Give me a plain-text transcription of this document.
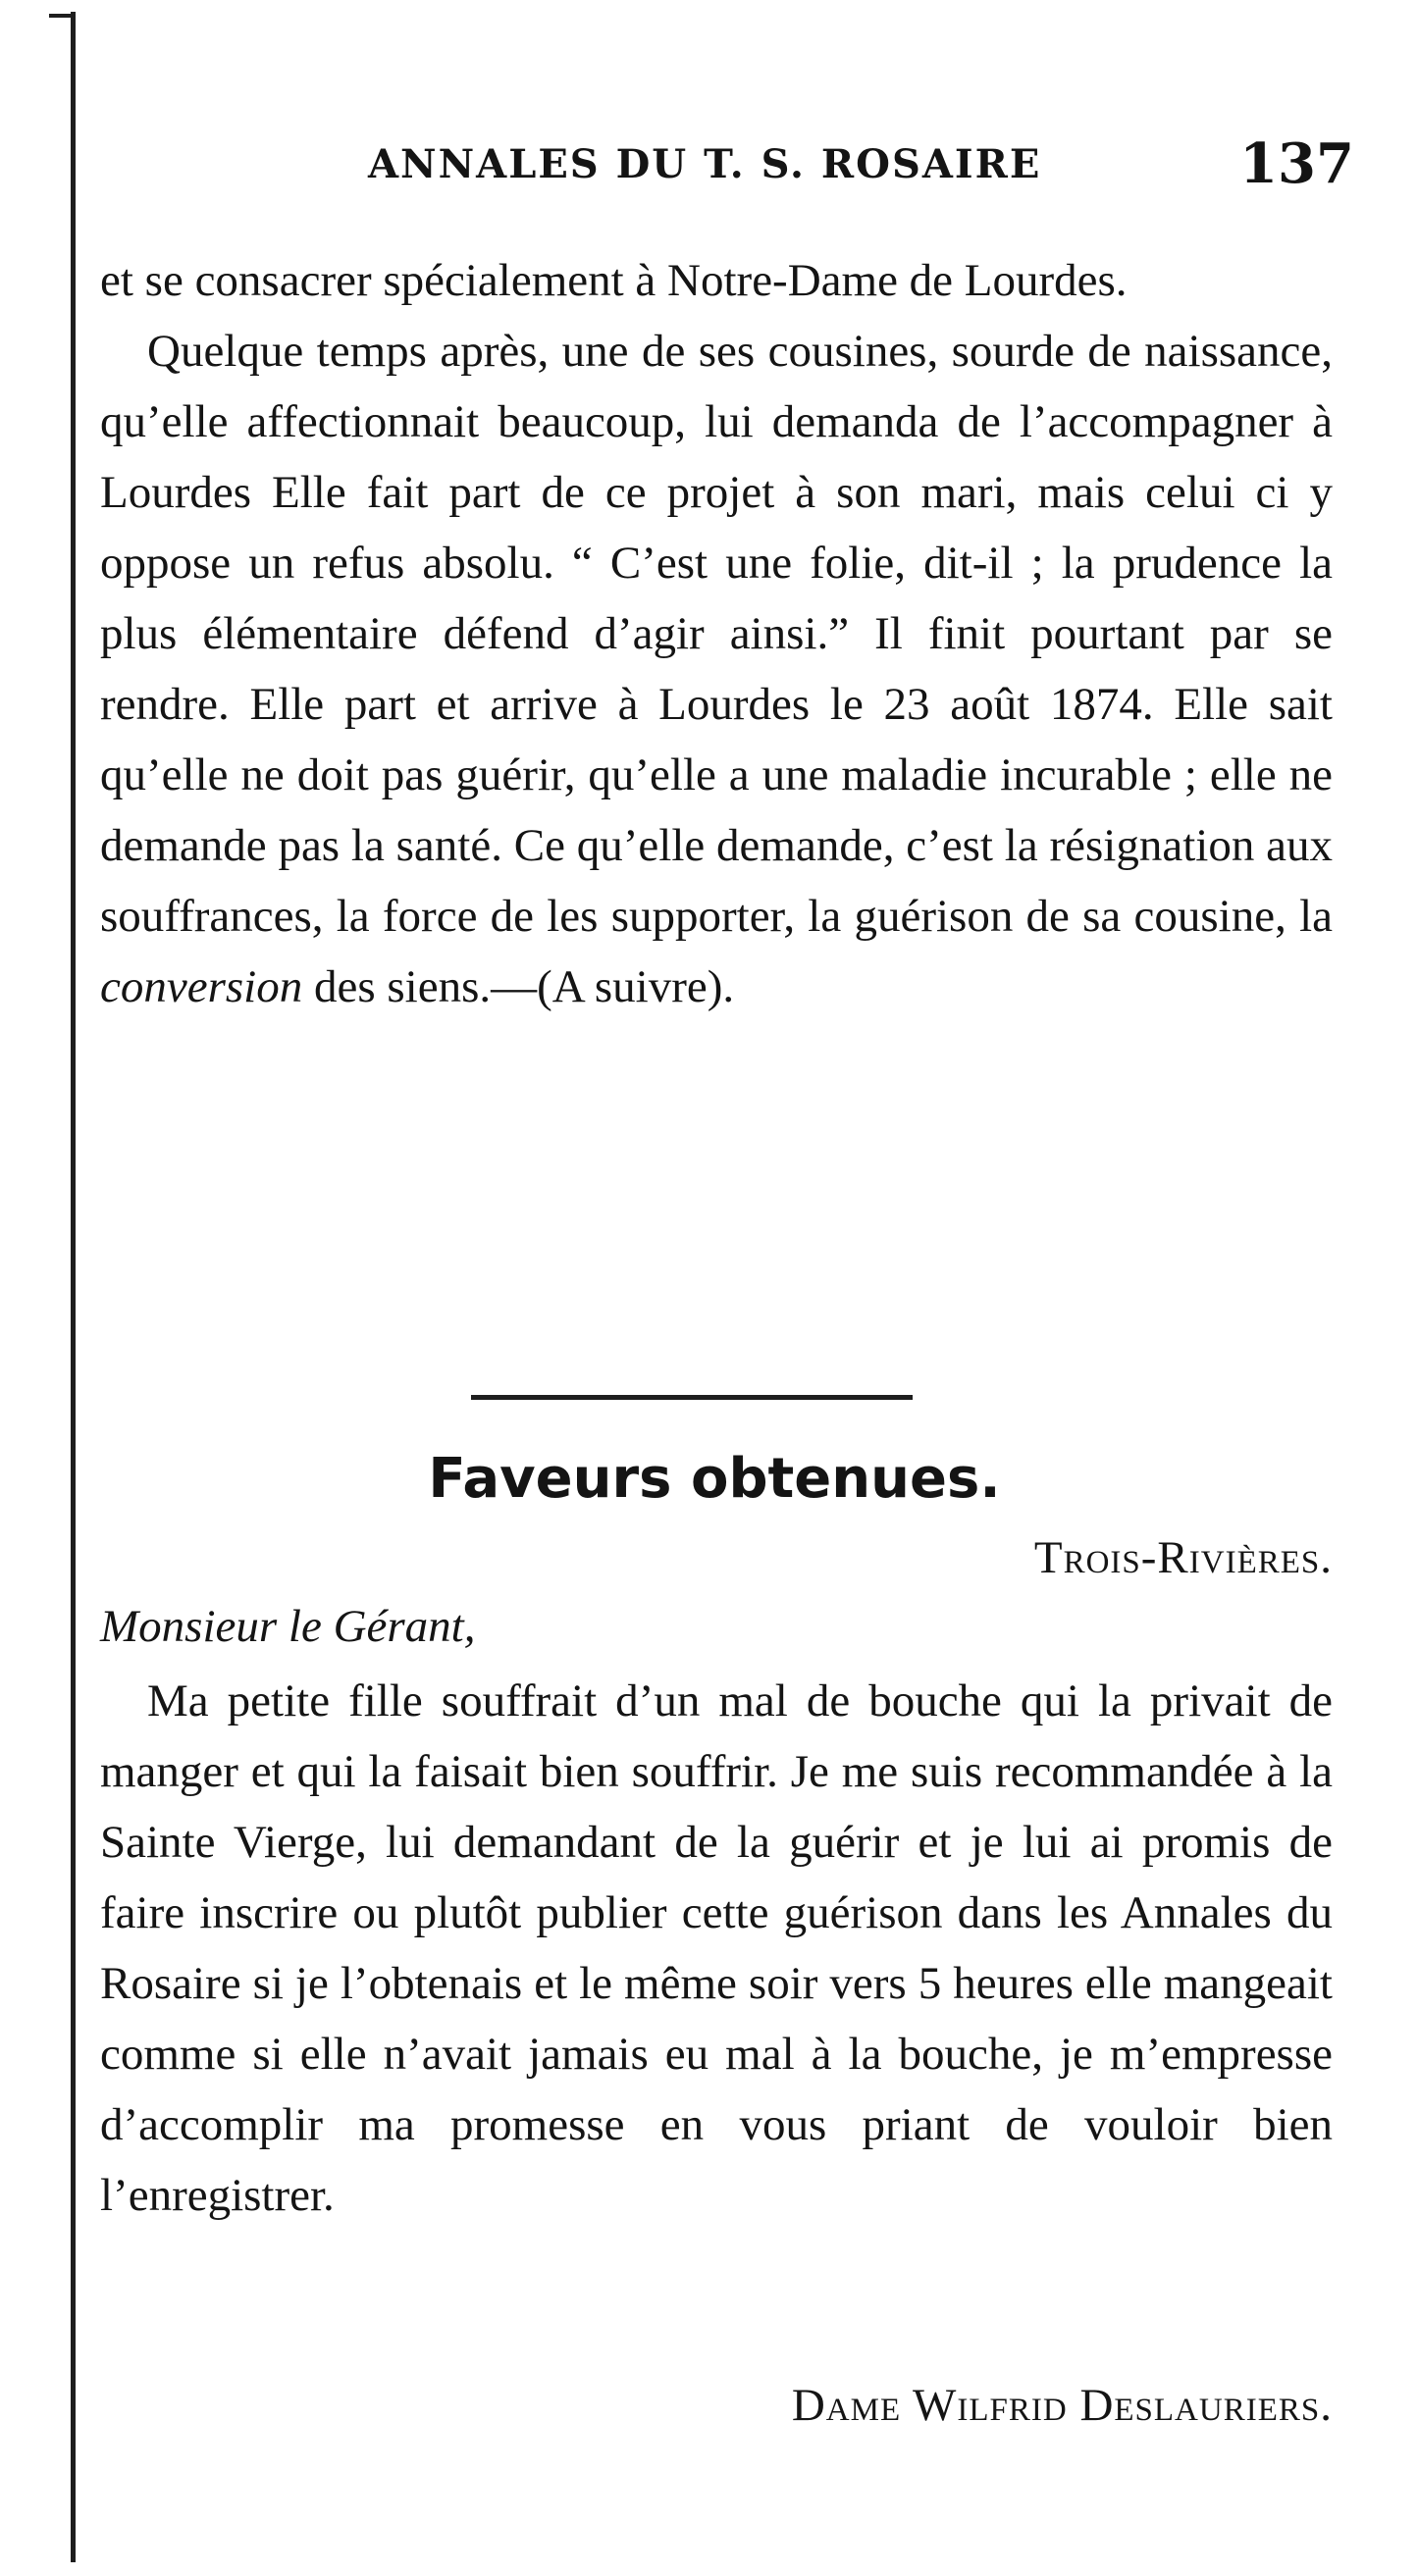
ANNALES DU T. S. ROSAIRE	137

et se consacrer spécialement à Notre-Dame de Lourdes.

Quelque temps après, une de ses cousines, sourde de naissance, qu’elle affectionnait beaucoup, lui demanda de l’accompagner à Lourdes Elle fait part de ce projet à son mari, mais celui ci y oppose un refus absolu. “ C’est une folie, dit-il ; la prudence la plus élémentaire défend d’agir ainsi.” Il finit pourtant par se rendre. Elle part et arrive à Lourdes le 23 août 1874. Elle sait qu’elle ne doit pas guérir, qu’elle a une maladie incurable ; elle ne demande pas la santé. Ce qu’elle demande, c’est la résignation aux souffrances, la force de les supporter, la guérison de sa cousine, la conversion des siens.—(A suivre).

Faveurs obtenues.
Trois-Rivières.
Monsieur le Gérant,

Ma petite fille souffrait d’un mal de bouche qui la privait de manger et qui la faisait bien souffrir. Je me suis recommandée à la Sainte Vierge, lui demandant de la guérir et je lui ai promis de faire inscrire ou plutôt publier cette guérison dans les Annales du Rosaire si je l’obtenais et le même soir vers 5 heures elle mangeait comme si elle n’avait jamais eu mal à la bouche, je m’empresse d’accomplir ma promesse en vous priant de vouloir bien l’enregistrer.

Dame Wilfrid Deslauriers.
